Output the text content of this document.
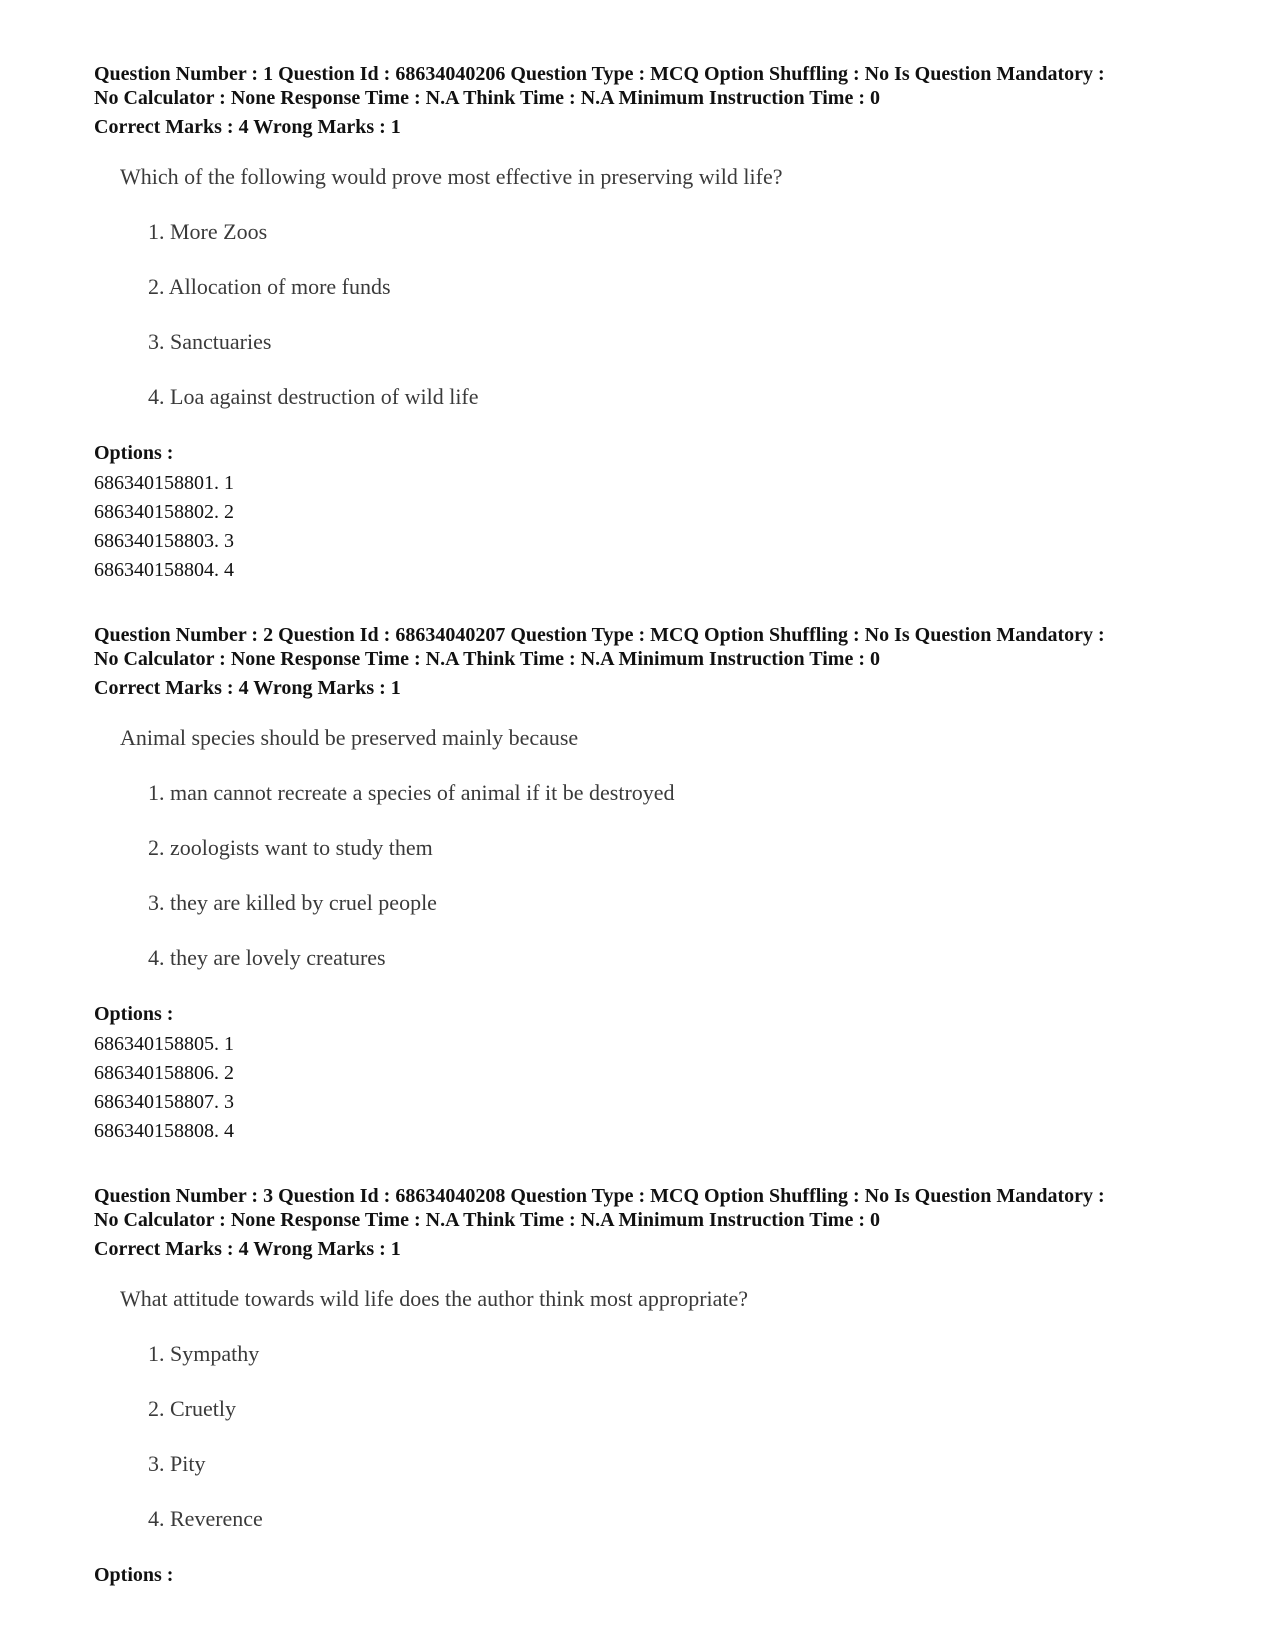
Question Number : 1 Question Id : 68634040206 Question Type : MCQ Option Shuffling : No Is Question Mandatory :

No Calculator : None Response Time : N.A Think Time : N.A Minimum Instruction Time : 0

Correct Marks : 4 Wrong Marks : 1

Which of the following would prove most effective in preserving wild life?

1. More Zoos
2. Allocation of more funds
3. Sanctuaries
4. Loa against destruction of wild life

Options :

686340158801. 1
686340158802. 2
686340158803. 3
686340158804. 4

Question Number : 2 Question Id : 68634040207 Question Type : MCQ Option Shuffling : No Is Question Mandatory :

No Calculator : None Response Time : N.A Think Time : N.A Minimum Instruction Time : 0

Correct Marks : 4 Wrong Marks : 1

Animal species should be preserved mainly because

1. man cannot recreate a species of animal if it be destroyed
2. zoologists want to study them
3. they are killed by cruel people
4. they are lovely creatures

Options :

686340158805. 1
686340158806. 2
686340158807. 3
686340158808. 4

Question Number : 3 Question Id : 68634040208 Question Type : MCQ Option Shuffling : No Is Question Mandatory :

No Calculator : None Response Time : N.A Think Time : N.A Minimum Instruction Time : 0

Correct Marks : 4 Wrong Marks : 1

What attitude towards wild life does the author think most appropriate?

1. Sympathy
2. Cruetly
3. Pity
4. Reverence

Options :
